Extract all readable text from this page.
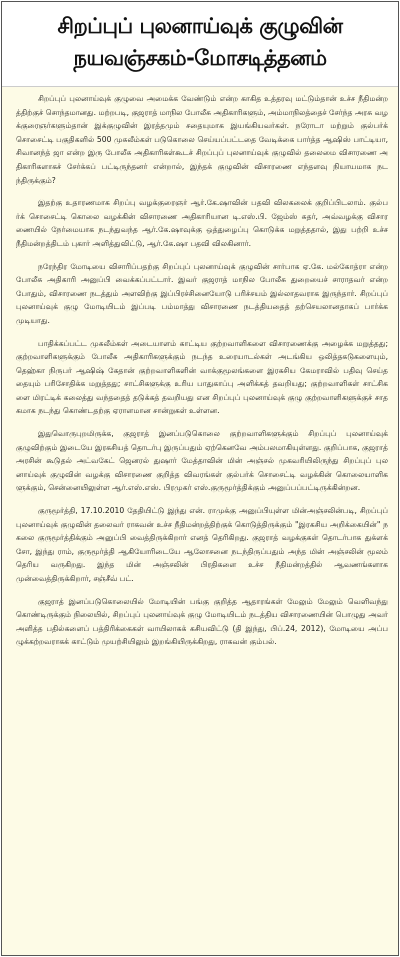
சிறப்புப் புலனாய்வுக் குழுவின்
நயவஞ்சகம்-மோசடித்தனம்

சிறப்புப் புலனாய்வுக் குழுவை அமைக்க வேண்டும் என்ற காகித உத்தரவு மட்டும்தான் உச்ச நீதிமன்றத்திற்குச் சொந்தமானது. மற்றபடி, குஜராத் மாநில போலீசு அதிகாரிகளும், அம்மாநிலத்தைச் சேர்ந்த அரசு வழக்குரைஞர்களும்தான் இக்குழுவின் இரத்தமும் சதையுமாக இயங்கியவர்கள். நரோடா மற்றும் குல்பர்க் சொசைட்டி பகுதிகளில் 500 முசுலீம்கள் படுகொலை செய்யப்பட்டதை வேடிக்கை பார்த்த ஆஷிஸ் பாட்டியா, சிவானந்த் ஜா என்ற இரு போலீசு அதிகாரிகள்கூடச் சிறப்புப் புலனாய்வுக் குழுவில் தலைமை விசாரணை அதிகாரிகளாகச் சேர்க்கப் பட்டிருந்தனர் என்றால், இந்தக் குழுவின் விசாரணை எந்தளவு நியாயமாக நடந்திருக்கும்?

இதற்கு உதாரணமாக சிறப்பு வழக்குரைஞர் ஆர்.கே.ஷாவின் பதவி விலகலைக் குறிப்பிடலாம். குல்பர்க் சொசைட்டி கொலை வழக்கின் விசாரணை அதிகாரியான டி.எஸ்.பி. ஜேம்ஸ் சுதர், அவ்வழக்கு விசாரணையில் நேர்மையாக நடந்துவந்த ஆர்.கே.ஷாவுக்கு ஒத்துழைப்பு கொடுக்க மறுத்ததால், இது பற்றி உச்ச நீதிமன்றத்திடம் புகார் அளித்துவிட்டு, ஆர்.கே.ஷா பதவி விலகினார்.

நரேந்திர மோடியை விசாரிப்பதற்கு சிறப்புப் புலனாய்வுக் குழுவின் சார்பாக ஏ.கே. மல்கோத்ரா என்ற போலீசு அதிகாரி அனுப்பி வைக்கப்பட்டார். இவர் குஜராத் மாநில போலீசு துறையைச் சாராதவர் என்ற போதும், விசாரணை நடத்தும் அளவிற்கு இப்பிரச்சினையோடு பரிச்சயம் இல்லாதவராக இருந்தார். சிறப்புப் புலனாய்வுக் குழு மோடியிடம் இப்படி பம்மாத்து விசாரணை நடத்தியதைத் தற்செயலானதாகப் பார்க்க முடியாது.

பாதிக்கப்பட்ட முசுலீம்கள் அடையாளம் காட்டிய குற்றவாளிகளை விசாரணைக்கு அழைக்க மறுத்தது; குற்றவாளிகளுக்கும் போலீசு அதிகாரிகளுக்கும் நடந்த உரையாடல்கள் அடங்கிய ஒலித்தகடுகளையும், தெஹ்கா நிருபர் ஆஷிஷ் கேதான் குற்றவாளிகளின் வாக்குமூலங்களை இரகசிய கேமராவில் பதிவு செய்ததையும் பரிசோதிக்க மறுத்தது; சாட்சிகளுக்கு உரிய பாதுகாப்பு அளிக்கத் தவறியது; குற்றவாளிகள் சாட்சிகளை மிரட்டிக் கலைத்து வந்ததைத் தடுக்கத் தவறியது என சிறப்புப் புலனாய்வுக் குழு குற்றவாளிகளுக்குச் சாதகமாக நடந்து கொண்டதற்கு ஏராளமான சான்றுகள் உள்ளன.

இதுவொருபுறமிருக்க, குஜராத் இனப்படுகொலை குற்றவாளிகளுக்கும் சிறப்புப் புலனாய்வுக் குழுவிற்கும் இடையே இரகசியத் தொடர்பு இருப்பதும் ஏற்கெனவே அம்பலமாகியுள்ளது. குறிப்பாக, குஜராத் அரசின் கூடுதல் அட்வகேட் ஜெனரல் துஷார் மேத்தாவின் மின் அஞ்சல் முகவரியிலிருந்து சிறப்புப் புலனாய்வுக் குழுவின் வழக்கு விசாரணை குறித்த விவரங்கள் குல்பர்க் சொசைட்டி வழக்கின் கொலையாளிகளுக்கும், சென்னையிலுள்ள ஆர்.எஸ்.எஸ். பிரமுகர் எஸ்.குருமூர்த்திக்கும் அனுப்பப்பட்டிருக்கின்றன.

குருமூர்த்தி, 17.10.2010 தேதியிட்டு இந்து என். ராமுக்கு அனுப்பியுள்ள மின்அஞ்சலின்படி, சிறப்புப் புலனாய்வுக் குழுவின் தலைவர் ராகவன் உச்ச நீதிமன்றத்திற்குக் கொடுத்திருக்கும் "இரகசிய அறிக்கையின்" நகலை குருமூர்த்திக்கும் அனுப்பி வைத்திருக்கிறார் எனத் தெரிகிறது. குஜராத் வழக்குகள் தொடர்பாக துக்ளக் சோ, இந்து ராம், குருமூர்த்தி ஆகியோரிடையே ஆலோசனை நடந்திருப்பதும் அந்த மின் அஞ்சலின் மூலம் தெரிய வருகிறது. இந்த மின் அஞ்சலின் பிரதிகளை உச்ச நீதிமன்றத்தில் ஆவணங்களாக முன்வைத்திருக்கிறார், சஞ்சீவ் பட்.

குஜராத் இனப்படுகொலையில் மோடியின் பங்கு குறித்த ஆதாரங்கள் மேலும் மேலும் வெளிவந்து கொண்டிருக்கும் நிலையில், சிறப்புப் புலனாய்வுக் குழு மோடியிடம் நடத்திய விசாரணையின் பொழுது அவர் அளித்த பதில்களைப் பத்திரிக்கைகள் வாயிலாகக் கசியவிட்டு (தி இந்து, பிப்.24, 2012), மோடியை அப்பழுக்கற்றவராகக் காட்டும் முயற்சியிலும் இறங்கியிருக்கிறது, ராகவன் கும்பல்.
